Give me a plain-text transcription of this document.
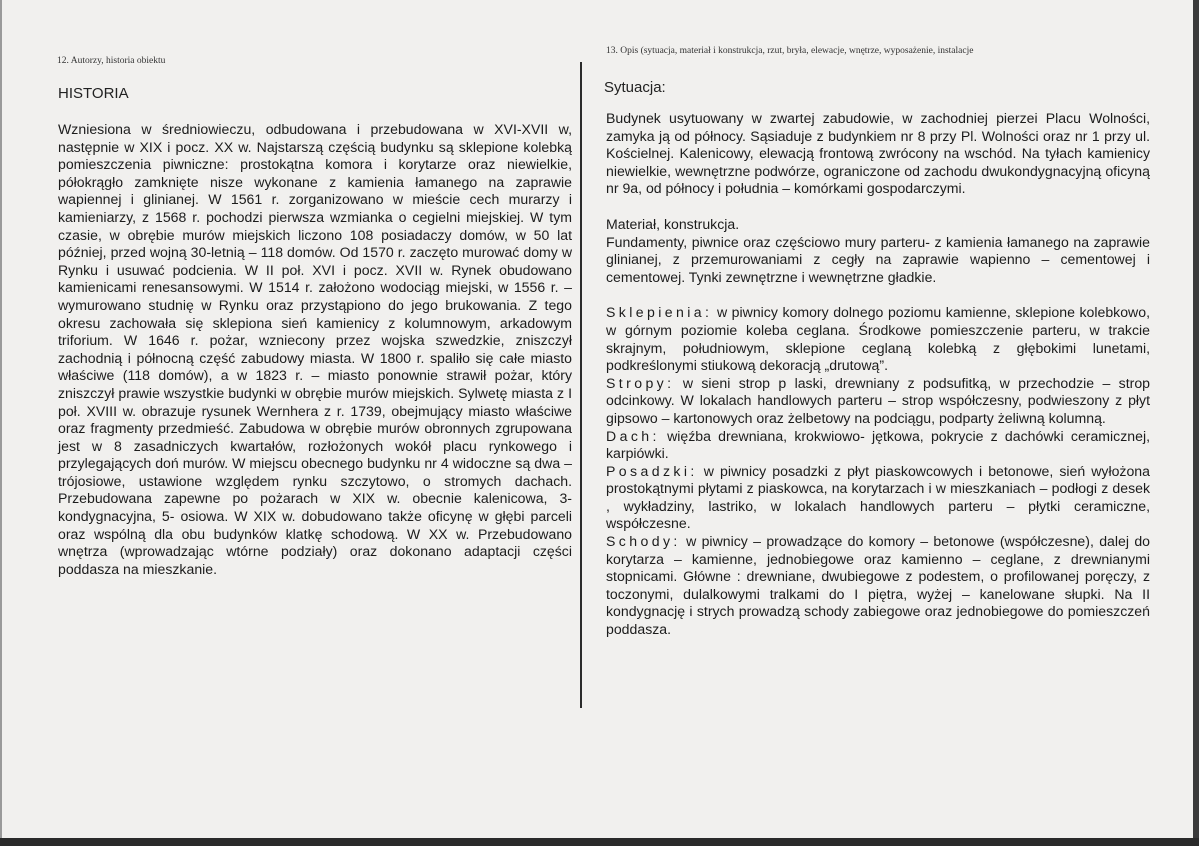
12. Autorzy, historia obiektu
HISTORIA
Wzniesiona w średniowieczu, odbudowana i przebudowana w XVI-XVII w, następnie w XIX i pocz. XX w. Najstarszą częścią budynku są sklepione kolebką pomieszczenia piwniczne: prostokątna komora i korytarze oraz niewielkie, półokrągło zamknięte nisze wykonane z kamienia łamanego na zaprawie wapiennej i glinianej. W 1561 r. zorganizowano w mieście cech murarzy i kamieniarzy, z 1568 r. pochodzi pierwsza wzmianka o cegielni miejskiej. W tym czasie, w obrębie murów miejskich liczono 108 posiadaczy domów, w 50 lat później, przed wojną 30-letnią – 118 domów. Od 1570 r. zaczęto murować domy w Rynku i usuwać podcienia. W II poł. XVI i pocz. XVII w. Rynek obudowano kamienicami renesansowymi. W 1514 r. założono wodociąg miejski, w 1556 r. – wymurowano studnię w Rynku oraz przystąpiono do jego brukowania. Z tego okresu zachowała się sklepiona sień kamienicy z kolumnowym, arkadowym triforium. W 1646 r. pożar, wzniecony przez wojska szwedzkie, zniszczył zachodnią i północną część zabudowy miasta. W 1800 r. spaliło się całe miasto właściwe (118 domów), a w 1823 r. – miasto ponownie strawił pożar, który zniszczył prawie wszystkie budynki w obrębie murów miejskich. Sylwetę miasta z I poł. XVIII w. obrazuje rysunek Wernhera z r. 1739, obejmujący miasto właściwe oraz fragmenty przedmieść. Zabudowa w obrębie murów obronnych zgrupowana jest w 8 zasadniczych kwartałów, rozłożonych wokół placu rynkowego i przylegających doń murów. W miejscu obecnego budynku nr 4 widoczne są dwa – trójosiowe, ustawione względem rynku szczytowo, o stromych dachach. Przebudowana zapewne po pożarach w XIX w. obecnie kalenicowa, 3-kondygnacyjna, 5- osiowa. W XIX w. dobudowano także oficynę w głębi parceli oraz wspólną dla obu budynków klatkę schodową. W XX w. Przebudowano wnętrza (wprowadzając wtórne podziały) oraz dokonano adaptacji części poddasza na mieszkanie.
13. Opis (sytuacja, materiał i konstrukcja, rzut, bryła, elewacje, wnętrze, wyposażenie, instalacje
Sytuacja:
Budynek usytuowany w zwartej zabudowie, w zachodniej pierzei Placu Wolności, zamyka ją od północy. Sąsiaduje z budynkiem nr 8 przy Pl. Wolności oraz nr 1 przy ul. Kościelnej. Kalenicowy, elewacją frontową zwrócony na wschód. Na tyłach kamienicy niewielkie, wewnętrzne podwórze, ograniczone od zachodu dwukondygnacyjną oficyną nr 9a, od północy i południa – komórkami gospodarczymi.
Materiał, konstrukcja.
Fundamenty, piwnice oraz częściowo mury parteru- z kamienia łamanego na zaprawie glinianej, z przemurowaniami z cegły na zaprawie wapienno – cementowej i cementowej. Tynki zewnętrzne i wewnętrzne gładkie.
Sklepienia: w piwnicy komory dolnego poziomu kamienne, sklepione kolebkowo, w górnym poziomie koleba ceglana. Środkowe pomieszczenie parteru, w trakcie skrajnym, południowym, sklepione ceglaną kolebką z głębokimi lunetami, podkreślonymi stiukową dekoracją „drutową”.
Stropy: w sieni strop p laski, drewniany z podsufitką, w przechodzie – strop odcinkowy. W lokalach handlowych parteru – strop współczesny, podwieszony z płyt gipsowo – kartonowych oraz żelbetowy na podciągu, podparty żeliwną kolumną.
Dach: więźba drewniana, krokwiowo- jętkowa, pokrycie z dachówki ceramicznej, karpiówki.
Posadzki: w piwnicy posadzki z płyt piaskowcowych i betonowe, sień wyłożona prostokątnymi płytami z piaskowca, na korytarzach i w mieszkaniach – podłogi z desek , wykładziny, lastriko, w lokalach handlowych parteru – płytki ceramiczne, współczesne.
Schody: w piwnicy – prowadzące do komory – betonowe (współczesne), dalej do korytarza – kamienne, jednobiegowe oraz kamienno – ceglane, z drewnianymi stopnicami. Główne : drewniane, dwubiegowe z podestem, o profilowanej poręczy, z toczonymi, dulalkowymi tralkami do I piętra, wyżej – kanelowane słupki. Na II kondygnację i strych prowadzą schody zabiegowe oraz jednobiegowe do pomieszczeń poddasza.
